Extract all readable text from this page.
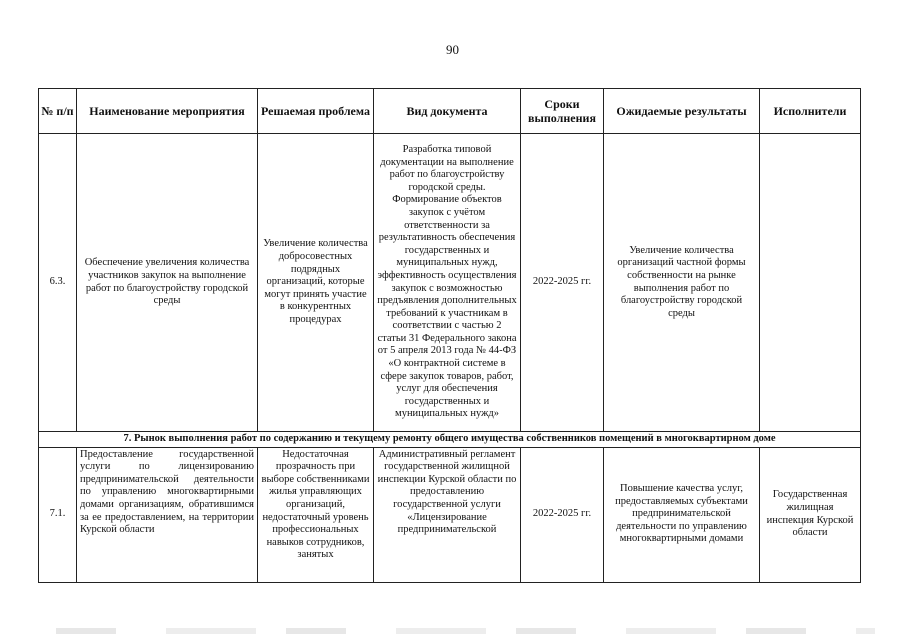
90
№ п/п	Наименование мероприятия	Решаемая проблема	Вид документа	Сроки выполнения	Ожидаемые результаты	Исполнители
6.3.	Обеспечение увеличения количества участников закупок на выполнение работ по благоустройству городской среды	Увеличение количества добросовестных подрядных организаций, которые могут принять участие в конкурентных процедурах	Разработка типовой документации на выполнение работ по благоустройству городской среды. Формирование объектов закупок с учётом ответственности за результативность обеспечения государственных и муниципальных нужд, эффективность осуществления закупок с возможностью предъявления дополнительных требований к участникам в соответствии с частью 2 статьи 31 Федерального закона от 5 апреля 2013 года № 44-ФЗ «О контрактной системе в сфере закупок товаров, работ, услуг для обеспечения государственных и муниципальных нужд»	2022-2025 гг.	Увеличение количества организаций частной формы собственности на рынке выполнения работ по благоустройству городской среды	
7. Рынок выполнения работ по содержанию и текущему ремонту общего имущества собственников помещений в многоквартирном доме						
7.1.	Предоставление государственной услуги по лицензированию предпринимательской деятельности по управлению многоквартирными домами организациям, обратившимся за ее предоставлением, на территории Курской области	Недостаточная прозрачность при выборе собственниками жилья управляющих организаций, недостаточный уровень профессиональных навыков сотрудников, занятых	Административный регламент государственной жилищной инспекции Курской области по предоставлению государственной услуги «Лицензирование предпринимательской	2022-2025 гг.	Повышение качества услуг, предоставляемых субъектами предпринимательской деятельности по управлению многоквартирными домами	Государственная жилищная инспекция Курской области
